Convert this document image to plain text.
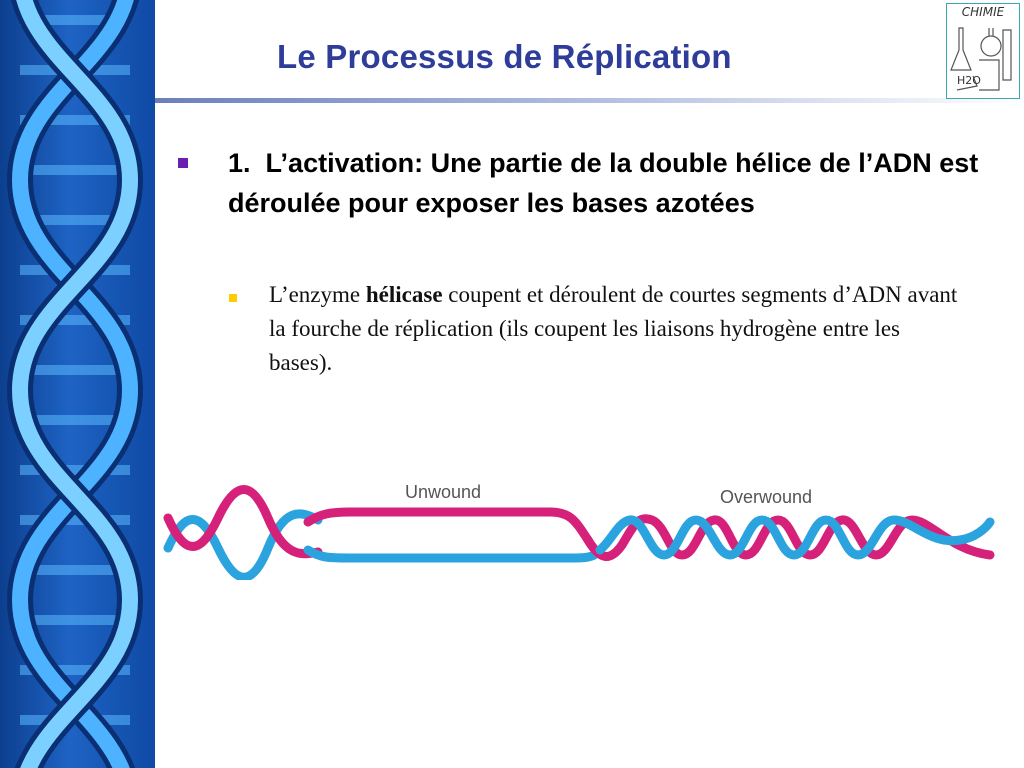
Le Processus de Réplication
CHIMIE
H2O
1. L’activation: Une partie de la double hélice de l’ADN est déroulée pour exposer les bases azotées
L’enzyme hélicase coupent et déroulent de courtes segments d’ADN avant la fourche de réplication (ils coupent les liaisons hydrogène entre les bases).
Unwound	Overwound
